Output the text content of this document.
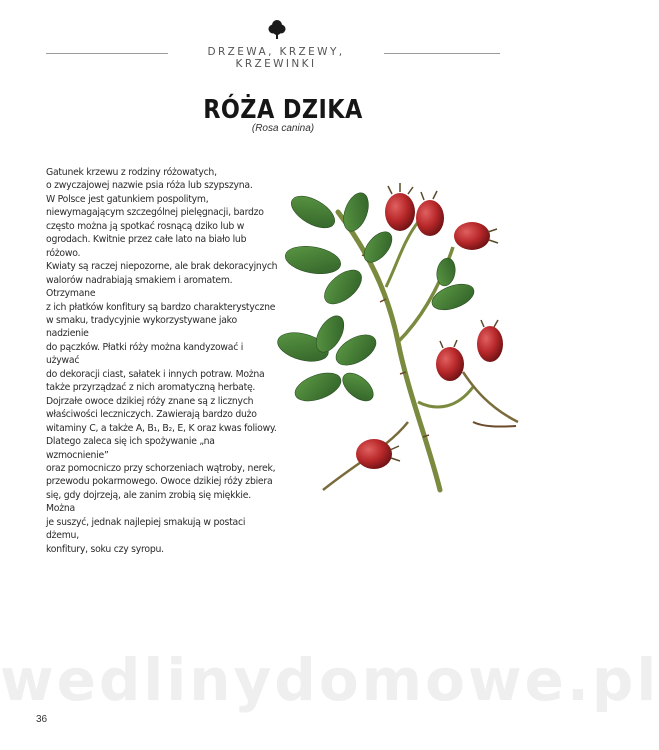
DRZEWA, KRZEWY, KRZEWINKI
RÓŻA DZIKA
(Rosa canina)

Gatunek krzewu z rodziny różowatych,

o zwyczajowej nazwie psia róża lub szypszyna.

W Polsce jest gatunkiem pospolitym,

niewymagającym szczególnej pielęgnacji, bardzo

często można ją spotkać rosnącą dziko lub w

ogrodach. Kwitnie przez całe lato na biało lub różowo.

Kwiaty są raczej niepozorne, ale brak dekoracyjnych

walorów nadrabiają smakiem i aromatem. Otrzymane

z ich płatków konfitury są bardzo charakterystyczne

w smaku, tradycyjnie wykorzystywane jako nadzienie

do pączków. Płatki róży można kandyzować i używać

do dekoracji ciast, sałatek i innych potraw. Można

także przyrządzać z nich aromatyczną herbatę.

Dojrzałe owoce dzikiej róży znane są z licznych

właściwości leczniczych. Zawierają bardzo dużo

witaminy C, a także A, B₁, B₂, E, K oraz kwas foliowy.

Dlatego zaleca się ich spożywanie „na wzmocnienie”

oraz pomocniczo przy schorzeniach wątroby, nerek,

przewodu pokarmowego. Owoce dzikiej róży zbiera

się, gdy dojrzeją, ale zanim zrobią się miękkie. Można

je suszyć, jednak najlepiej smakują w postaci dżemu,

konfitury, soku czy syropu.

wedlinydomowe.pl
36
